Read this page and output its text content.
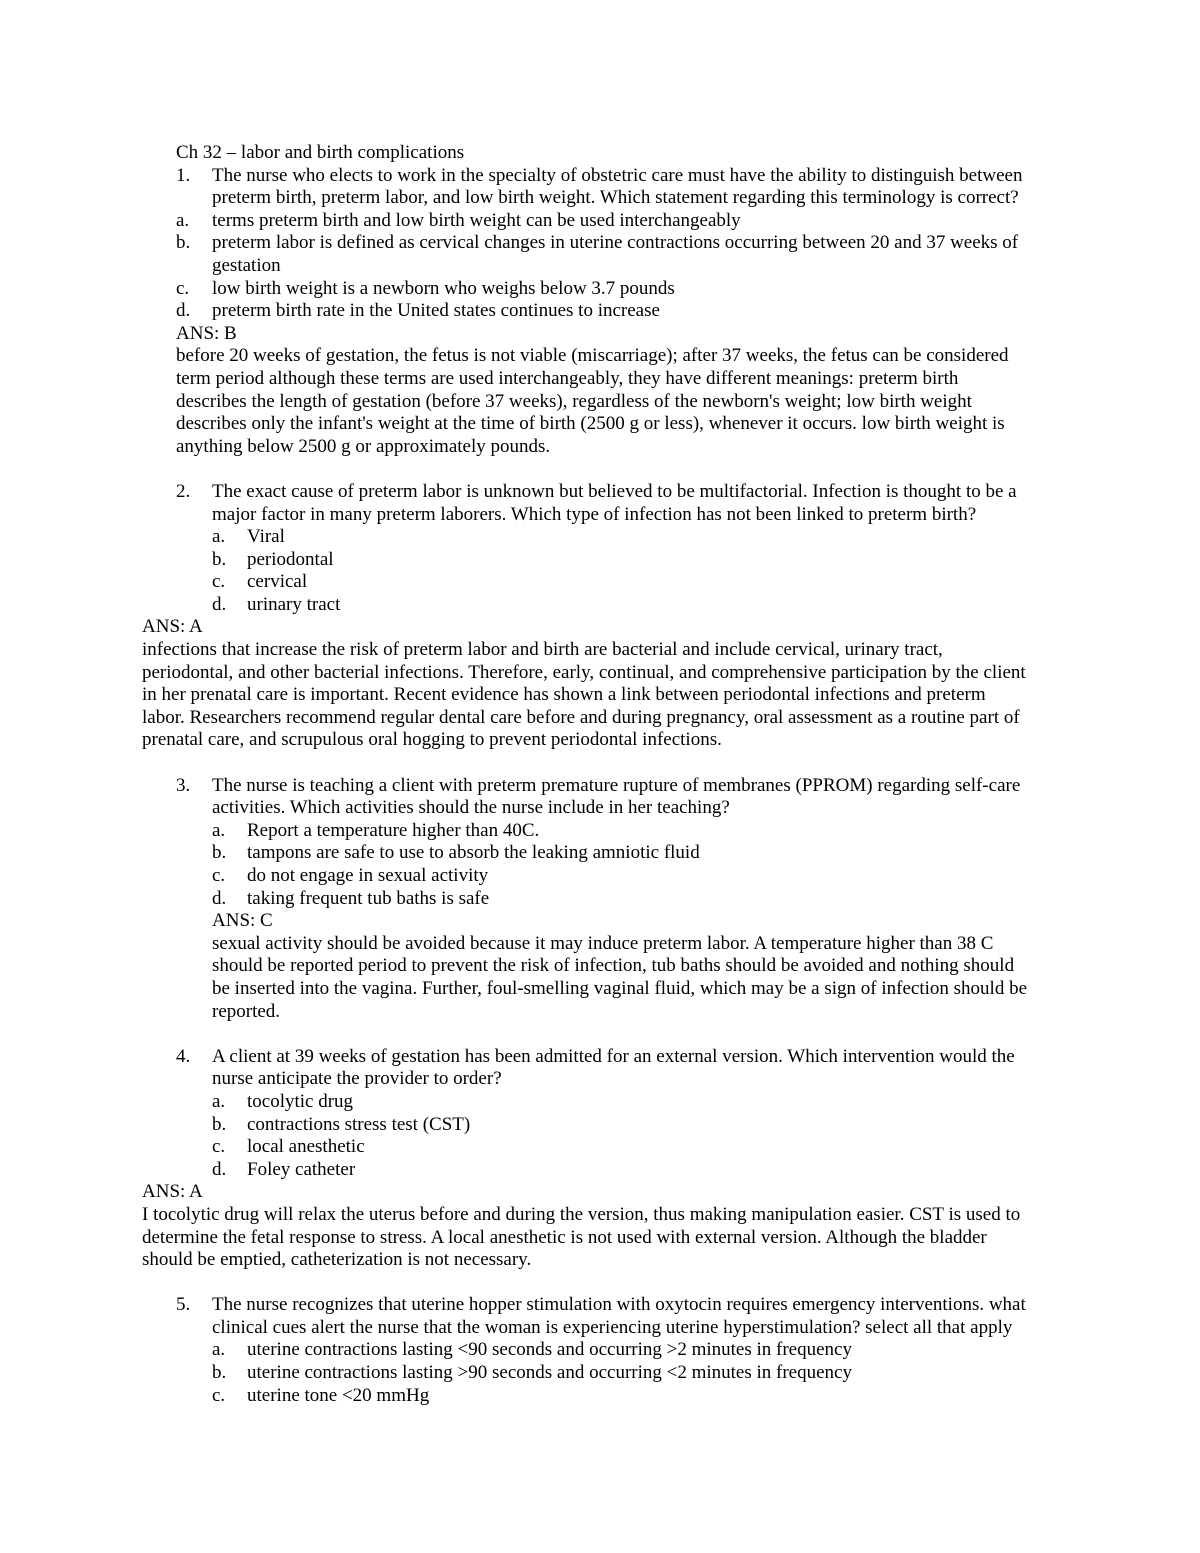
Ch 32 – labor and birth complications
1. The nurse who elects to work in the specialty of obstetric care must have the ability to distinguish between
preterm birth, preterm labor, and low birth weight. Which statement regarding this terminology is correct?
a. terms preterm birth and low birth weight can be used interchangeably
b. preterm labor is defined as cervical changes in uterine contractions occurring between 20 and 37 weeks of
gestation
c. low birth weight is a newborn who weighs below 3.7 pounds
d. preterm birth rate in the United states continues to increase
ANS: B
before 20 weeks of gestation, the fetus is not viable (miscarriage); after 37 weeks, the fetus can be considered
term period although these terms are used interchangeably, they have different meanings: preterm birth
describes the length of gestation (before 37 weeks), regardless of the newborn's weight; low birth weight
describes only the infant's weight at the time of birth (2500 g or less), whenever it occurs. low birth weight is
anything below 2500 g or approximately pounds.
2. The exact cause of preterm labor is unknown but believed to be multifactorial. Infection is thought to be a
major factor in many preterm laborers. Which type of infection has not been linked to preterm birth?
a. Viral
b. periodontal
c. cervical
d. urinary tract
ANS: A
infections that increase the risk of preterm labor and birth are bacterial and include cervical, urinary tract,
periodontal, and other bacterial infections. Therefore, early, continual, and comprehensive participation by the client
in her prenatal care is important. Recent evidence has shown a link between periodontal infections and preterm
labor. Researchers recommend regular dental care before and during pregnancy, oral assessment as a routine part of
prenatal care, and scrupulous oral hogging to prevent periodontal infections.
3. The nurse is teaching a client with preterm premature rupture of membranes (PPROM) regarding self-care
activities. Which activities should the nurse include in her teaching?
a. Report a temperature higher than 40C.
b. tampons are safe to use to absorb the leaking amniotic fluid
c. do not engage in sexual activity
d. taking frequent tub baths is safe
ANS: C
sexual activity should be avoided because it may induce preterm labor. A temperature higher than 38 C
should be reported period to prevent the risk of infection, tub baths should be avoided and nothing should
be inserted into the vagina. Further, foul-smelling vaginal fluid, which may be a sign of infection should be
reported.
4. A client at 39 weeks of gestation has been admitted for an external version. Which intervention would the
nurse anticipate the provider to order?
a. tocolytic drug
b. contractions stress test (CST)
c. local anesthetic
d. Foley catheter
ANS: A
I tocolytic drug will relax the uterus before and during the version, thus making manipulation easier. CST is used to
determine the fetal response to stress. A local anesthetic is not used with external version. Although the bladder
should be emptied, catheterization is not necessary.
5. The nurse recognizes that uterine hopper stimulation with oxytocin requires emergency interventions. what
clinical cues alert the nurse that the woman is experiencing uterine hyperstimulation? select all that apply
a. uterine contractions lasting <90 seconds and occurring >2 minutes in frequency
b. uterine contractions lasting >90 seconds and occurring <2 minutes in frequency
c. uterine tone <20 mmHg
